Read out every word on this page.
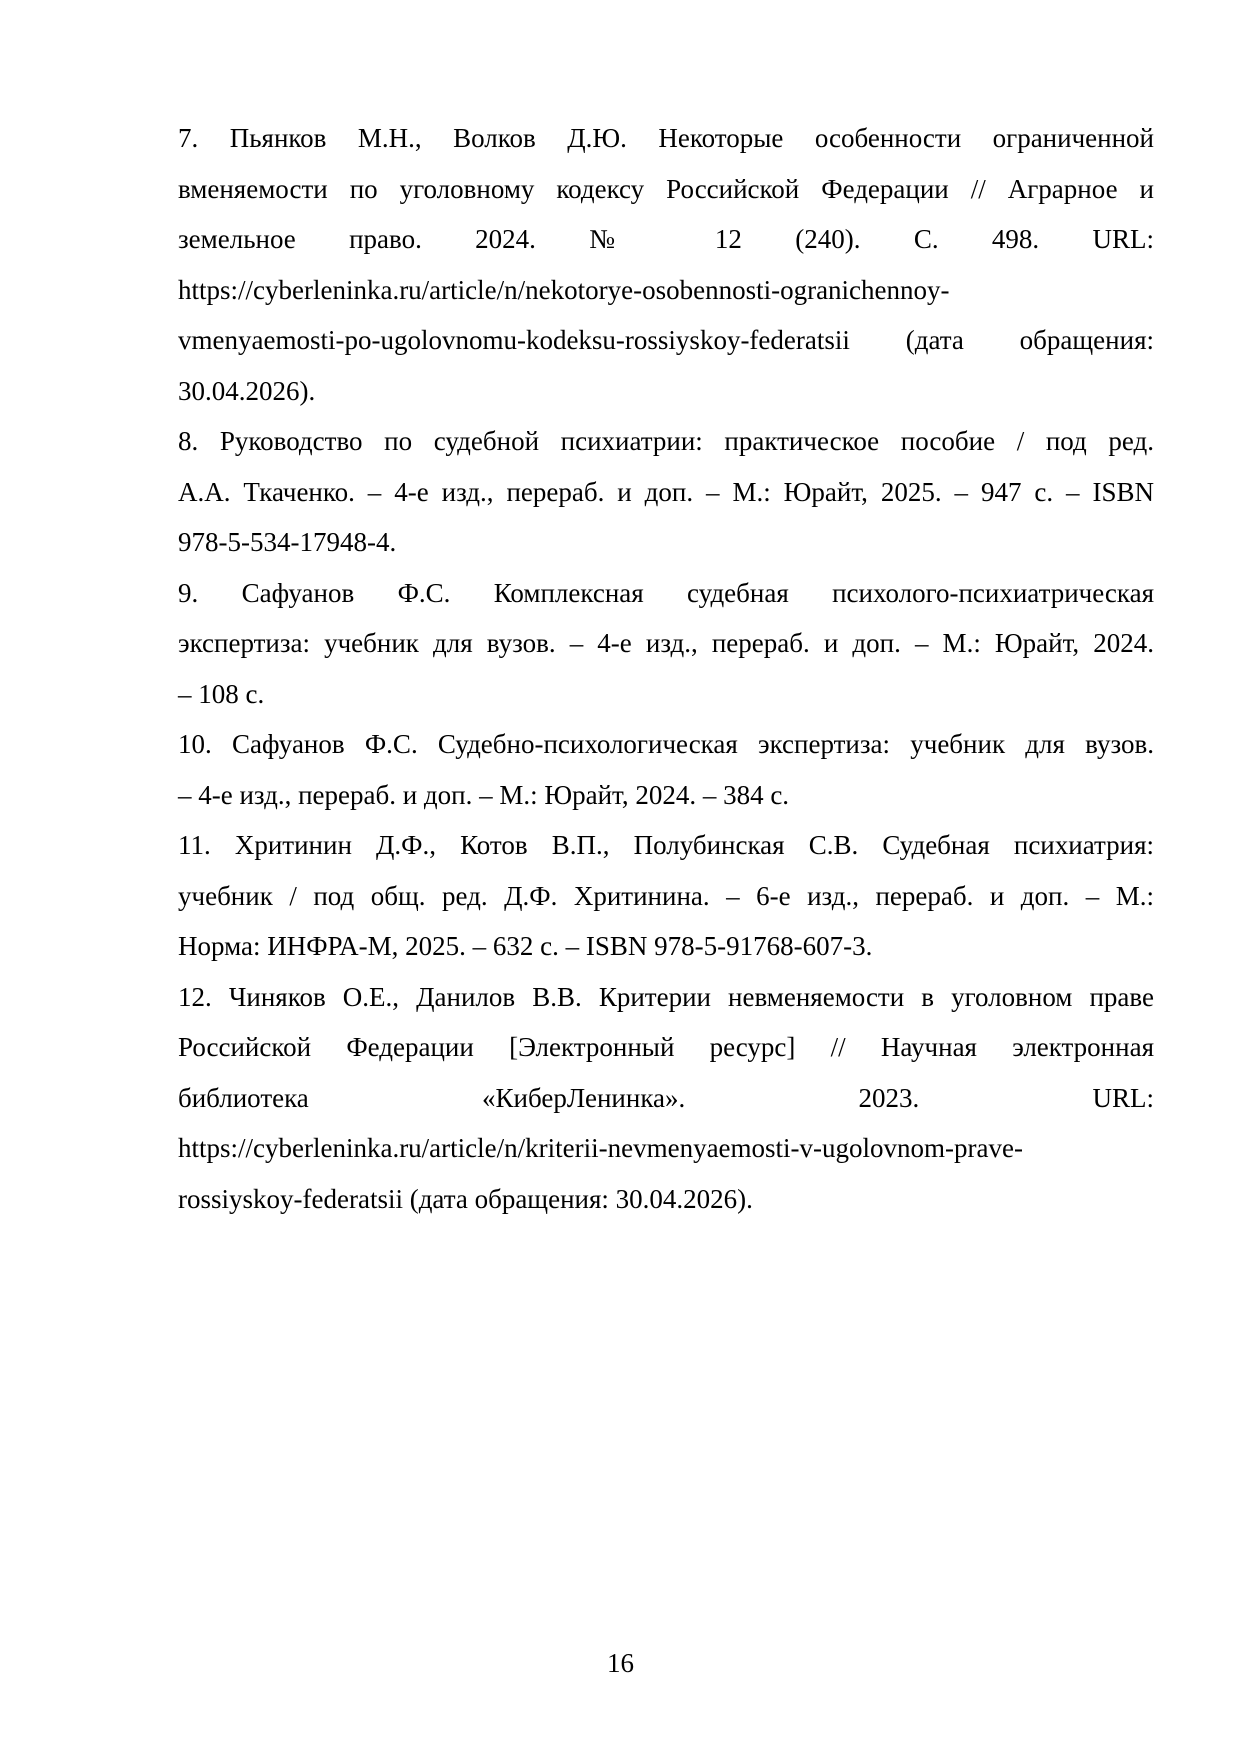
7. Пьянков М.Н., Волков Д.Ю. Некоторые особенности ограниченной
вменяемости по уголовному кодексу Российской Федерации // Аграрное и
земельное право. 2024. № 12 (240). С. 498. URL:
https://cyberleninka.ru/article/n/nekotorye-osobennosti-ogranichennoy-
vmenyaemosti-po-ugolovnomu-kodeksu-rossiyskoy-federatsii (дата обращения:
30.04.2026).

8. Руководство по судебной психиатрии: практическое пособие / под ред.
А.А. Ткаченко. – 4-е изд., перераб. и доп. – М.: Юрайт, 2025. – 947 с. – ISBN
978-5-534-17948-4.

9. Сафуанов Ф.С. Комплексная судебная психолого-психиатрическая
экспертиза: учебник для вузов. – 4-е изд., перераб. и доп. – М.: Юрайт, 2024.
– 108 с.

10. Сафуанов Ф.С. Судебно-психологическая экспертиза: учебник для вузов.
– 4-е изд., перераб. и доп. – М.: Юрайт, 2024. – 384 с.

11. Хритинин Д.Ф., Котов В.П., Полубинская С.В. Судебная психиатрия:
учебник / под общ. ред. Д.Ф. Хритинина. – 6-е изд., перераб. и доп. – М.:
Норма: ИНФРА-М, 2025. – 632 с. – ISBN 978-5-91768-607-3.

12. Чиняков О.Е., Данилов В.В. Критерии невменяемости в уголовном праве
Российской Федерации [Электронный ресурс] // Научная электронная
библиотека «КиберЛенинка». 2023. URL:
https://cyberleninka.ru/article/n/kriterii-nevmenyaemosti-v-ugolovnom-prave-
rossiyskoy-federatsii (дата обращения: 30.04.2026).

16
